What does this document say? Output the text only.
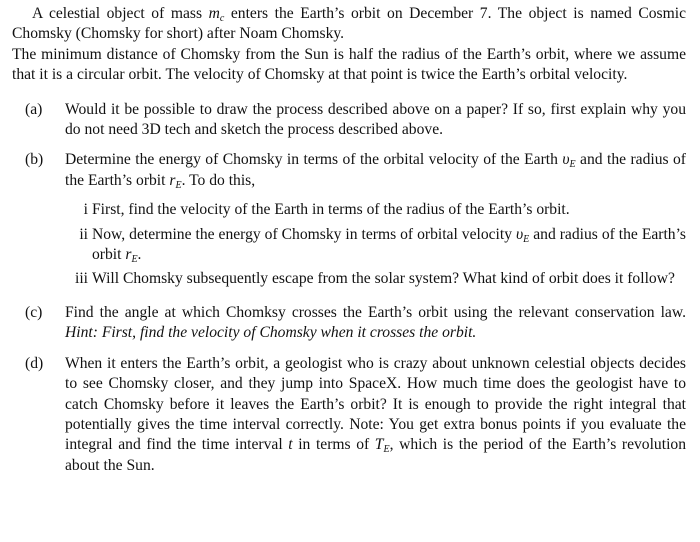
A celestial object of mass $m_c$ enters the Earth’s orbit on December 7. The object is named Cosmic Chomsky (Chomsky for short) after Noam Chomsky.

The minimum distance of Chomsky from the Sun is half the radius of the Earth’s orbit, where we assume that it is a circular orbit. The velocity of Chomsky at that point is twice the Earth’s orbital velocity.

(a) Would it be possible to draw the process described above on a paper? If so, first explain why you do not need 3D tech and sketch the process described above.
(b) Determine the energy of Chomsky in terms of the orbital velocity of the Earth $\upsilon_E$ and the radius of the Earth’s orbit $r_E$. To do this,
i First, find the velocity of the Earth in terms of the radius of the Earth’s orbit.
ii Now, determine the energy of Chomsky in terms of orbital velocity $\upsilon_E$ and radius of the Earth’s orbit $r_E$.
iii Will Chomsky subsequently escape from the solar system? What kind of orbit does it follow?
(c) Find the angle at which Chomksy crosses the Earth’s orbit using the relevant conservation law. Hint: First, find the velocity of Chomsky when it crosses the orbit.
(d) When it enters the Earth’s orbit, a geologist who is crazy about unknown celestial objects decides to see Chomsky closer, and they jump into SpaceX. How much time does the geologist have to catch Chomsky before it leaves the Earth’s orbit? It is enough to provide the right integral that potentially gives the time interval correctly. Note: You get extra bonus points if you evaluate the integral and find the time interval t in terms of $T_E$, which is the period of the Earth’s revolution about the Sun.
